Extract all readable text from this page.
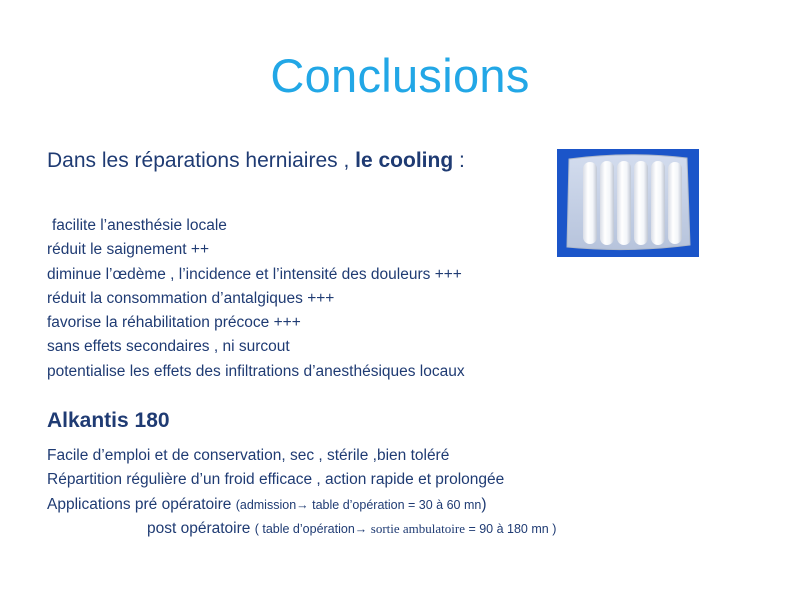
Conclusions
Dans les réparations herniaires , le cooling :
facilite l’anesthésie locale
réduit le saignement ++
diminue l’œdème , l’incidence et l’intensité des douleurs +++
réduit la consommation d’antalgiques +++
favorise la réhabilitation précoce +++
sans effets secondaires , ni surcout
potentialise les effets des infiltrations d’anesthésiques locaux
Alkantis 180
Facile d’emploi et de conservation, sec , stérile ,bien toléré
Répartition régulière d’un froid efficace , action rapide et prolongée
Applications pré opératoire (admission→ table d’opération = 30 à 60 mn)
post opératoire ( table d’opération→ sortie ambulatoire = 90 à 180 mn )
